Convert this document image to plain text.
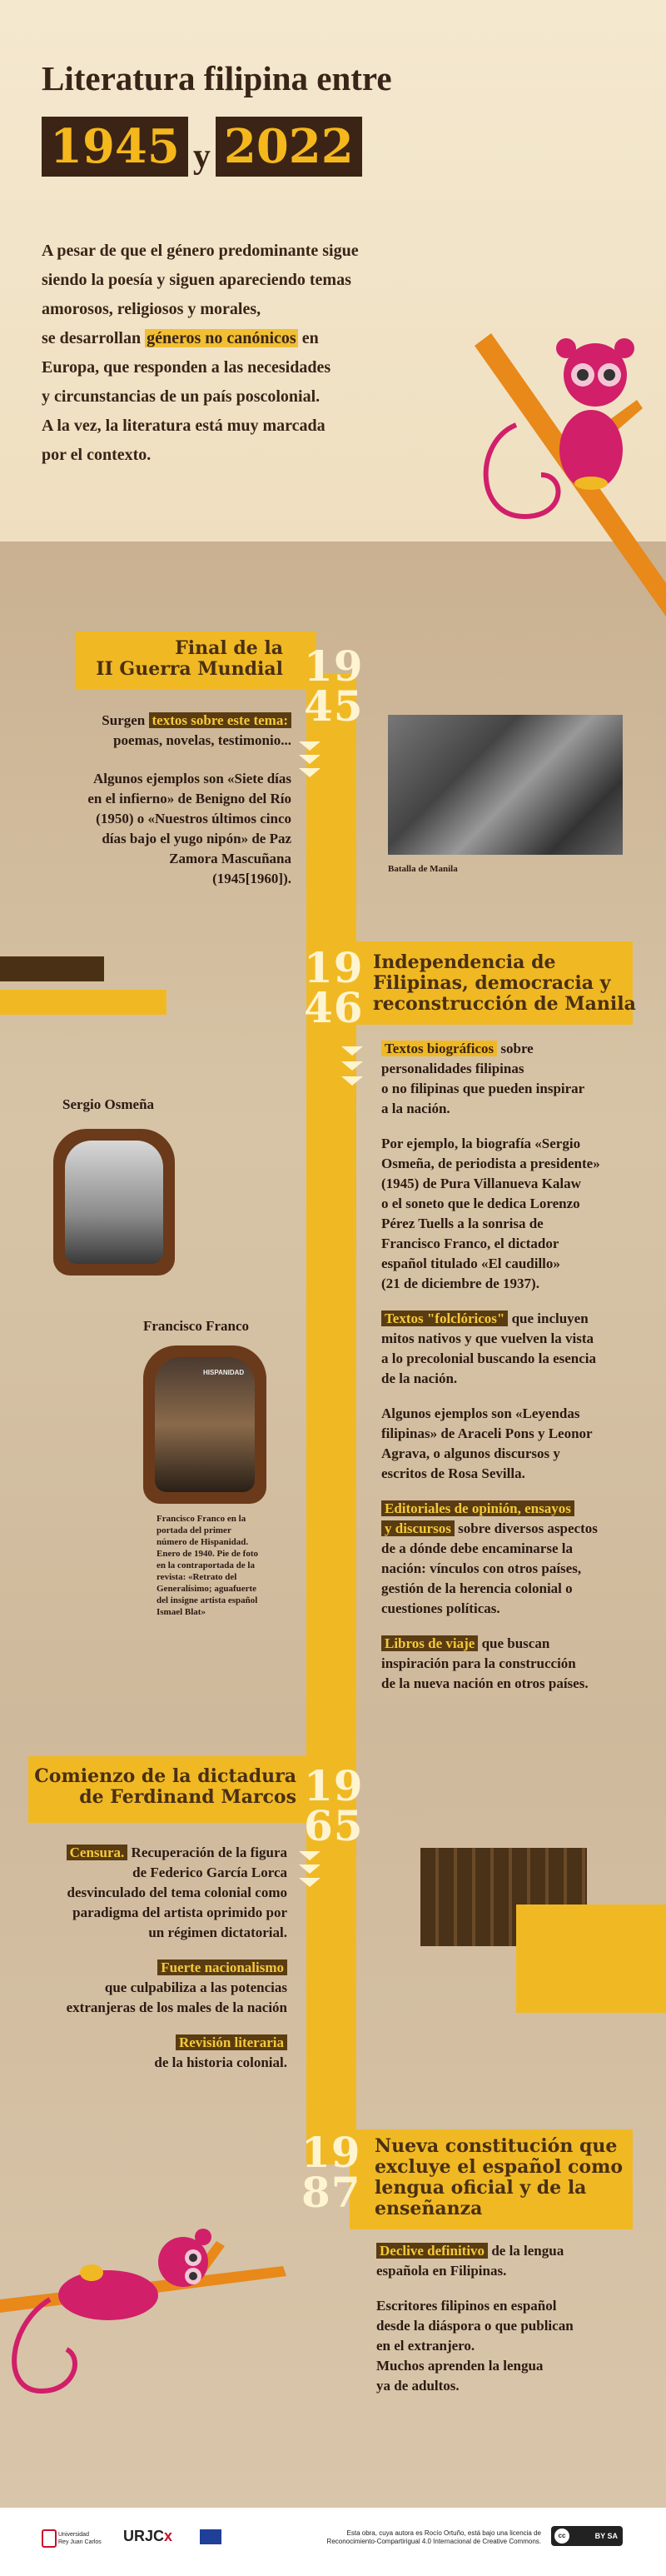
Literatura filipina entre
1945 y 2022
A pesar de que el género predominante sigue
siendo la poesía y siguen apareciendo temas
amorosos, religiosos y morales,
se desarrollan géneros no canónicos en
Europa, que responden a las necesidades
y circunstancias de un país poscolonial.
A la vez, la literatura está muy marcada
por el contexto.
Final de la
II Guerra Mundial 19
45
Surgen textos sobre este tema:
poemas, novelas, testimonio...
Algunos ejemplos son «Siete días
en el infierno» de Benigno del Río
(1950) o «Nuestros últimos cinco
días bajo el yugo nipón» de Paz
Zamora Mascuñana
(1945[1960]).
Batalla de Manila
19
46
Independencia de
Filipinas, democracia y
reconstrucción de Manila
Textos biográficos sobre
personalidades filipinas
o no filipinas que pueden inspirar
a la nación.
Por ejemplo, la biografía «Sergio
Osmeña, de periodista a presidente»
(1945) de Pura Villanueva Kalaw
o el soneto que le dedica Lorenzo
Pérez Tuells a la sonrisa de
Francisco Franco, el dictador
español titulado «El caudillo»
(21 de diciembre de 1937).
Textos "folclóricos" que incluyen
mitos nativos y que vuelven la vista
a lo precolonial buscando la esencia
de la nación.
Algunos ejemplos son «Leyendas
filipinas» de Araceli Pons y Leonor
Agrava, o algunos discursos y
escritos de Rosa Sevilla.
Editoriales de opinión, ensayos
y discursos sobre diversos aspectos
de a dónde debe encaminarse la
nación: vínculos con otros países,
gestión de la herencia colonial o
cuestiones políticas.
Libros de viaje que buscan
inspiración para la construcción
de la nueva nación en otros países.
Sergio Osmeña
Francisco Franco
HISPANIDAD
Francisco Franco en la
portada del primer
número de Hispanidad.
Enero de 1940. Pie de foto
en la contraportada de la
revista: «Retrato del
Generalísimo; aguafuerte
del insigne artista español
Ismael Blat»
Comienzo de la dictadura
de Ferdinand Marcos 19
65
Censura. Recuperación de la figura
de Federico García Lorca
desvinculado del tema colonial como
paradigma del artista oprimido por
un régimen dictatorial.
Fuerte nacionalismo
que culpabiliza a las potencias
extranjeras de los males de la nación
Revisión literaria
de la historia colonial.
19
87
Nueva constitución que
excluye el español como
lengua oficial y de la
enseñanza
Declive definitivo de la lengua
española en Filipinas.
Escritores filipinos en español
desde la diáspora o que publican
en el extranjero.
Muchos aprenden la lengua
ya de adultos.
Universidad
Rey Juan Carlos URJCx	Esta obra, cuya autora es Rocío Ortuño, está bajo una licencia de
Reconocimiento-Compartirigual 4.0 Internacional de Creative Commons.
cc	BY SA
